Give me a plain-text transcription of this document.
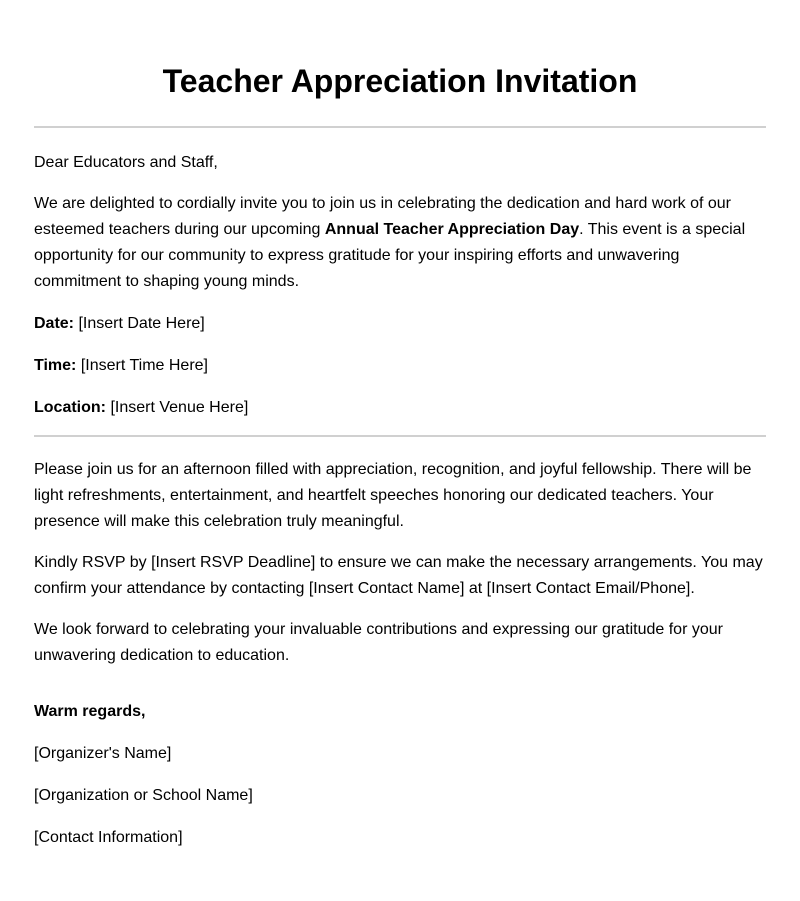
Teacher Appreciation Invitation

Dear Educators and Staff,

We are delighted to cordially invite you to join us in celebrating the dedication and hard work of our esteemed teachers during our upcoming Annual Teacher Appreciation Day. This event is a special opportunity for our community to express gratitude for your inspiring efforts and unwavering commitment to shaping young minds.

Date: [Insert Date Here]

Time: [Insert Time Here]

Location: [Insert Venue Here]

Please join us for an afternoon filled with appreciation, recognition, and joyful fellowship. There will be light refreshments, entertainment, and heartfelt speeches honoring our dedicated teachers. Your presence will make this celebration truly meaningful.

Kindly RSVP by [Insert RSVP Deadline] to ensure we can make the necessary arrangements. You may confirm your attendance by contacting [Insert Contact Name] at [Insert Contact Email/Phone].

We look forward to celebrating your invaluable contributions and expressing our gratitude for your unwavering dedication to education.

Warm regards,

[Organizer's Name]

[Organization or School Name]

[Contact Information]
